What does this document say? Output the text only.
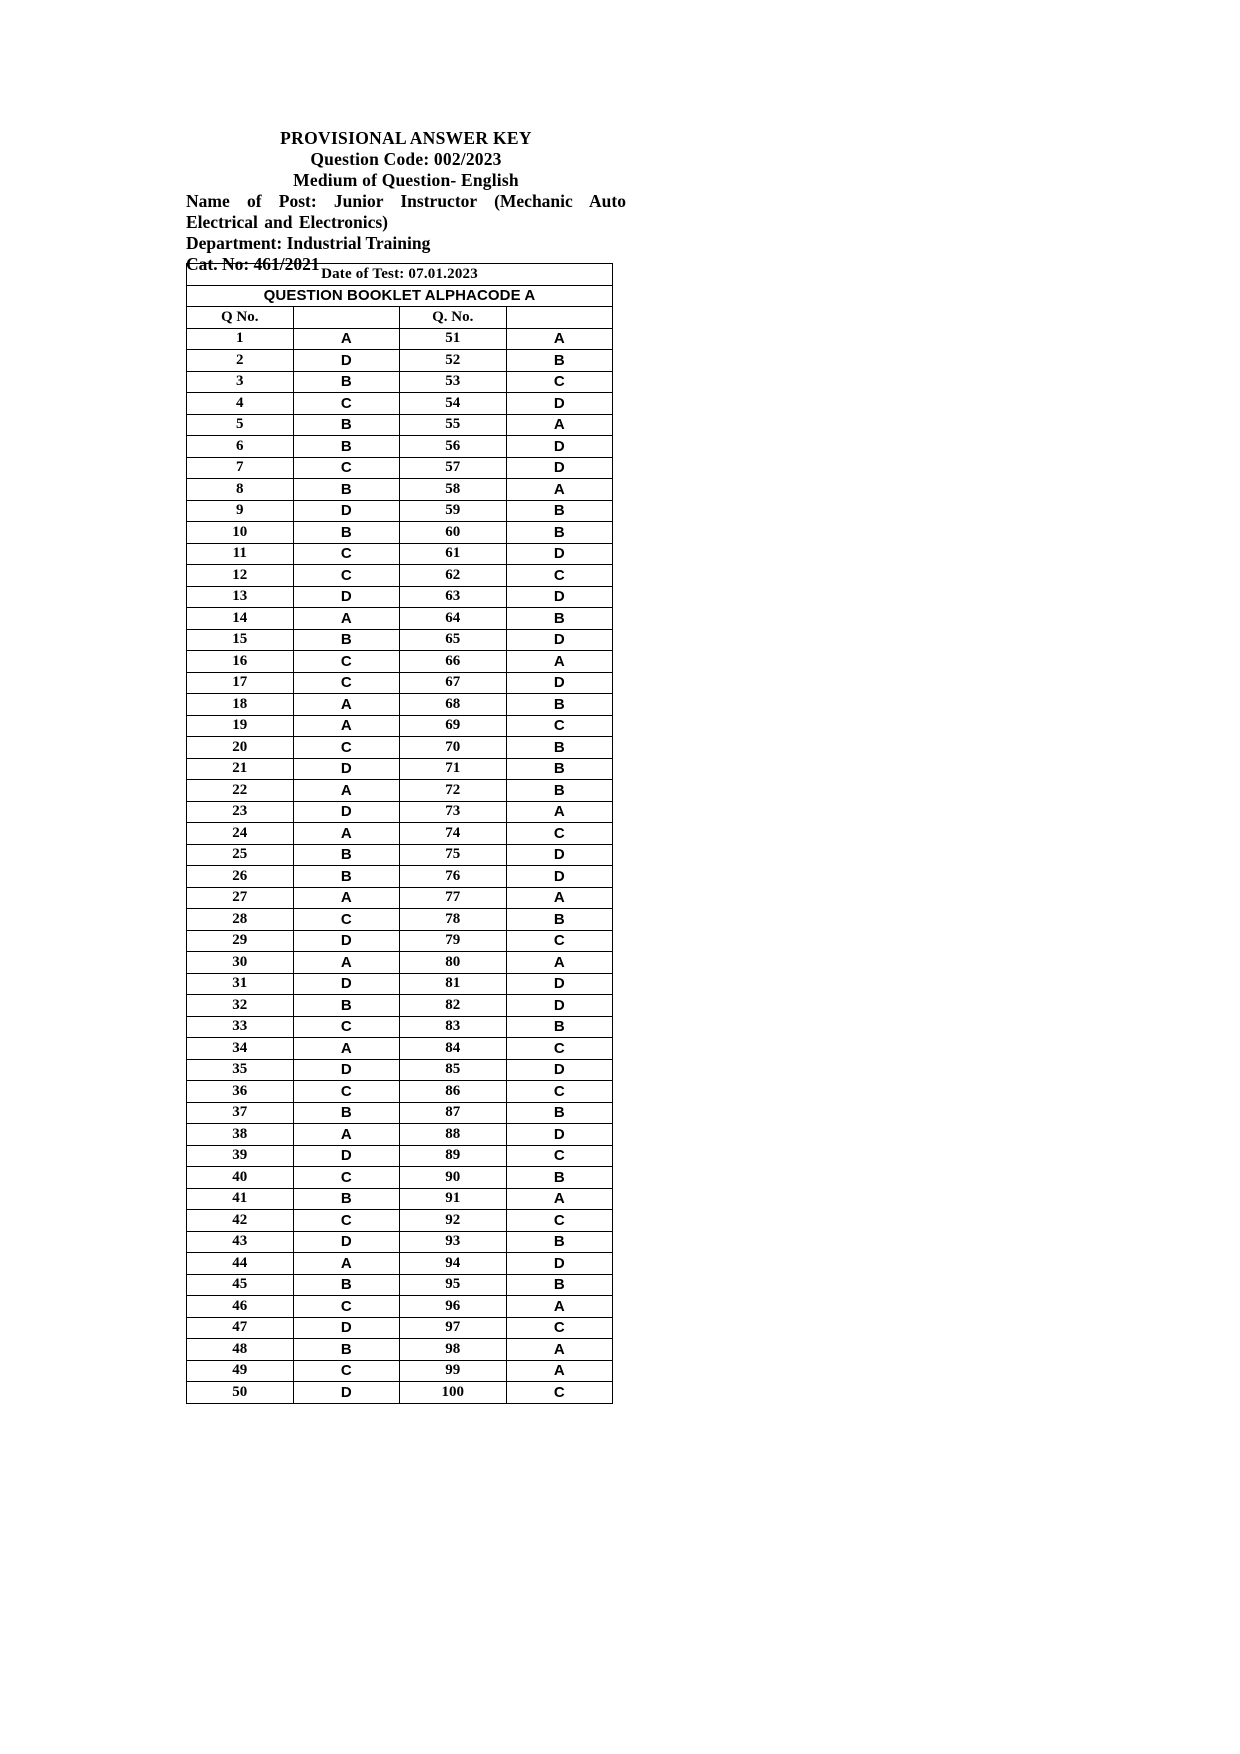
PROVISIONAL ANSWER KEY
Question Code: 002/2023
Medium of Question- English
Name of Post: Junior Instructor (Mechanic Auto Electrical and Electronics)
Department: Industrial Training
Cat. No: 461/2021 Date of Test: 07.01.2023			
QUESTION BOOKLET ALPHACODE A			
Q No.		Q. No.	
1	A	51	A
2	D	52	B
3	B	53	C
4	C	54	D
5	B	55	A
6	B	56	D
7	C	57	D
8	B	58	A
9	D	59	B
10	B	60	B
11	C	61	D
12	C	62	C
13	D	63	D
14	A	64	B
15	B	65	D
16	C	66	A
17	C	67	D
18	A	68	B
19	A	69	C
20	C	70	B
21	D	71	B
22	A	72	B
23	D	73	A
24	A	74	C
25	B	75	D
26	B	76	D
27	A	77	A
28	C	78	B
29	D	79	C
30	A	80	A
31	D	81	D
32	B	82	D
33	C	83	B
34	A	84	C
35	D	85	D
36	C	86	C
37	B	87	B
38	A	88	D
39	D	89	C
40	C	90	B
41	B	91	A
42	C	92	C
43	D	93	B
44	A	94	D
45	B	95	B
46	C	96	A
47	D	97	C
48	B	98	A
49	C	99	A
50	D	100	C
